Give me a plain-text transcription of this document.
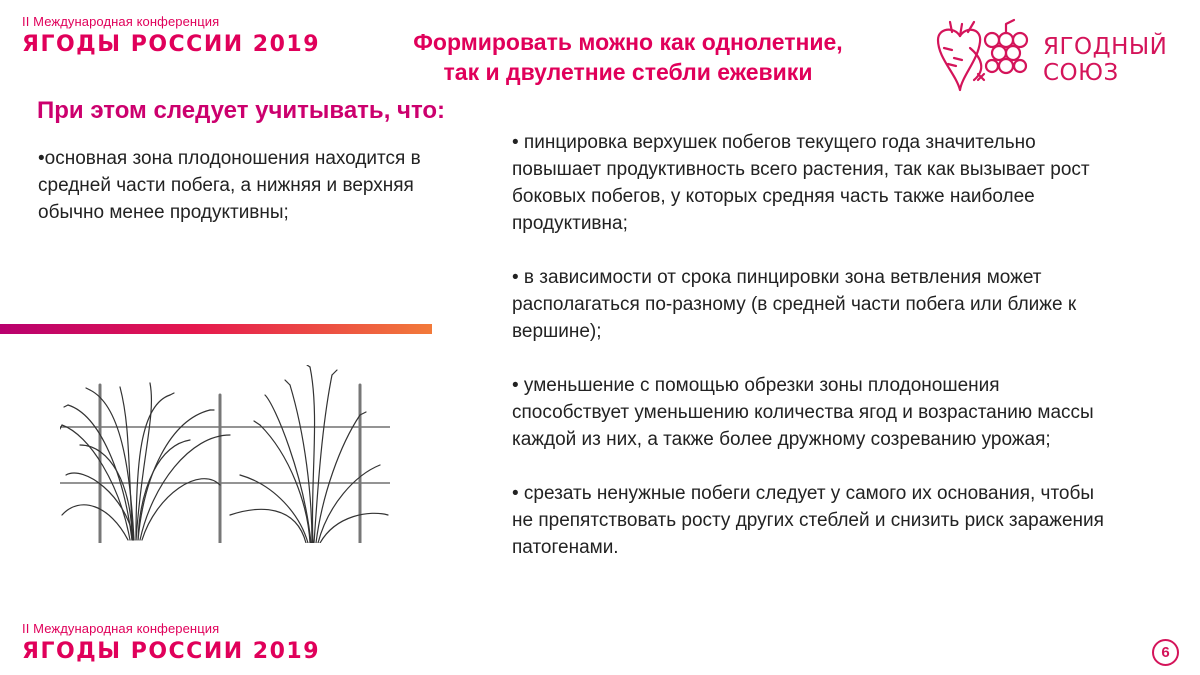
II Международная конференция
ЯГОДЫ РОССИИ 2019	Формировать можно как однолетние,
так и двулетние стебли ежевики
ЯГОДНЫЙ
СОЮЗ
При этом следует учитывать, что:
•основная зона плодоношения находится в средней части побега, а нижняя и верхняя обычно менее продуктивны;
• пинцировка верхушек побегов текущего года значительно повышает продуктивность всего растения, так как вызывает рост боковых побегов, у которых средняя часть также наиболее продуктивна;
• в зависимости от срока пинцировки зона ветвления может располагаться по-разному (в средней части побега или ближе к вершине);
• уменьшение с помощью обрезки зоны плодоношения способствует уменьшению количества ягод и возрастанию массы каждой из них, а также более дружному созреванию урожая;
• срезать ненужные побеги следует у самого их основания, чтобы не препятствовать росту других стеблей и снизить риск заражения патогенами.
II Международная конференция
ЯГОДЫ РОССИИ 2019	6
